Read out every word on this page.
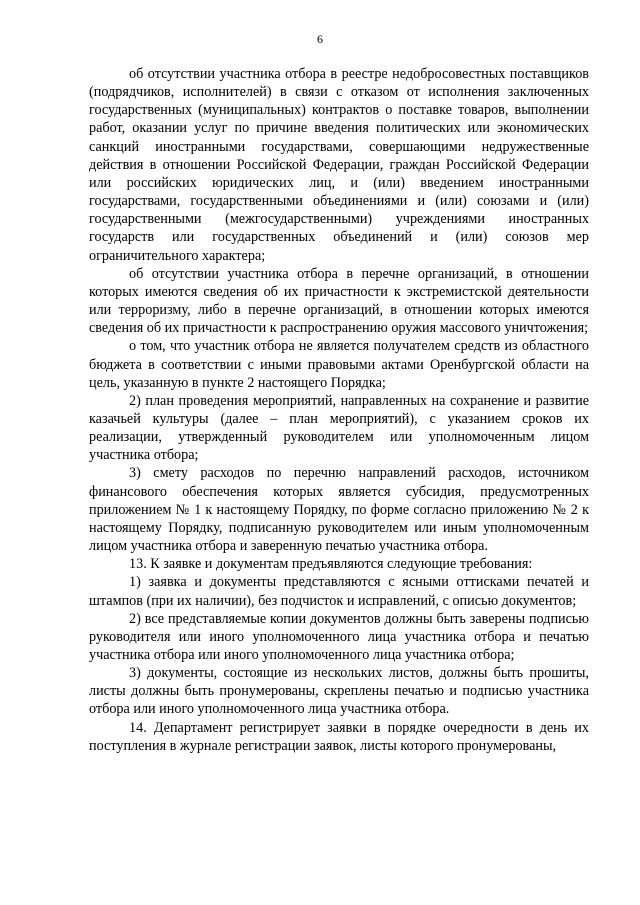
6

об отсутствии участника отбора в реестре недобросовестных поставщиков (подрядчиков, исполнителей) в связи с отказом от исполнения заключенных государственных (муниципальных) контрактов о поставке товаров, выполнении работ, оказании услуг по причине введения политических или экономических санкций иностранными государствами, совершающими недружественные действия в отношении Российской Федерации, граждан Российской Федерации или российских юридических лиц, и (или) введением иностранными государствами, государственными объединениями и (или) союзами и (или) государственными (межгосударственными) учреждениями иностранных государств или государственных объединений и (или) союзов мер ограничительного характера;

об отсутствии участника отбора в перечне организаций, в отношении которых имеются сведения об их причастности к экстремистской деятельности или терроризму, либо в перечне организаций, в отношении которых имеются сведения об их причастности к распространению оружия массового уничтожения;

о том, что участник отбора не является получателем средств из областного бюджета в соответствии с иными правовыми актами Оренбургской области на цель, указанную в пункте 2 настоящего Порядка;

2) план проведения мероприятий, направленных на сохранение и развитие казачьей культуры (далее – план мероприятий), с указанием сроков их реализации, утвержденный руководителем или уполномоченным лицом участника отбора;

3) смету расходов по перечню направлений расходов, источником финансового обеспечения которых является субсидия, предусмотренных приложением № 1 к настоящему Порядку, по форме согласно приложению № 2 к настоящему Порядку, подписанную руководителем или иным уполномоченным лицом участника отбора и заверенную печатью участника отбора.

13. К заявке и документам предъявляются следующие требования:

1) заявка и документы представляются с ясными оттисками печатей и штампов (при их наличии), без подчисток и исправлений, с описью документов;

2) все представляемые копии документов должны быть заверены подписью руководителя или иного уполномоченного лица участника отбора и печатью участника отбора или иного уполномоченного лица участника отбора;

3) документы, состоящие из нескольких листов, должны быть прошиты, листы должны быть пронумерованы, скреплены печатью и подписью участника отбора или иного уполномоченного лица участника отбора.

14. Департамент регистрирует заявки в порядке очередности в день их поступления в журнале регистрации заявок, листы которого пронумерованы,
